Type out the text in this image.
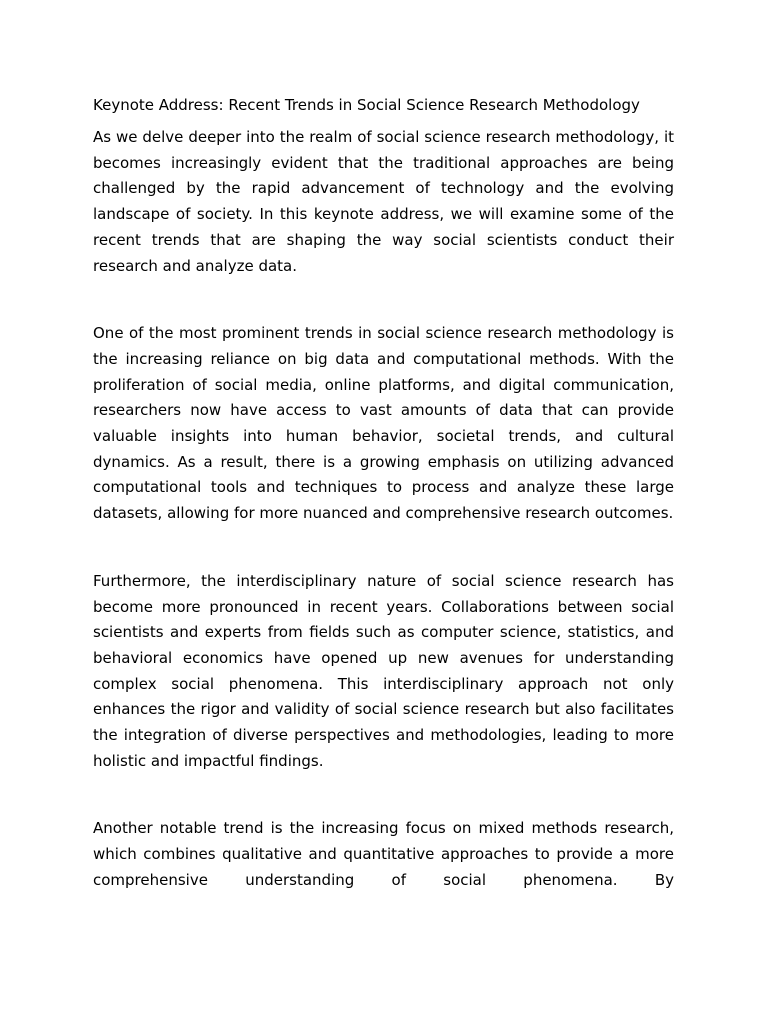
Keynote Address: Recent Trends in Social Science Research Methodology

As we delve deeper into the realm of social science research methodology, it becomes increasingly evident that the traditional approaches are being challenged by the rapid advancement of technology and the evolving landscape of society. In this keynote address, we will examine some of the recent trends that are shaping the way social scientists conduct their research and analyze data.

One of the most prominent trends in social science research methodology is the increasing reliance on big data and computational methods. With the proliferation of social media, online platforms, and digital communication, researchers now have access to vast amounts of data that can provide valuable insights into human behavior, societal trends, and cultural dynamics. As a result, there is a growing emphasis on utilizing advanced computational tools and techniques to process and analyze these large datasets, allowing for more nuanced and comprehensive research outcomes.

Furthermore, the interdisciplinary nature of social science research has become more pronounced in recent years. Collaborations between social scientists and experts from fields such as computer science, statistics, and behavioral economics have opened up new avenues for understanding complex social phenomena. This interdisciplinary approach not only enhances the rigor and validity of social science research but also facilitates the integration of diverse perspectives and methodologies, leading to more holistic and impactful findings.

Another notable trend is the increasing focus on mixed methods research, which combines qualitative and quantitative approaches to provide a more comprehensive understanding of social phenomena. By
